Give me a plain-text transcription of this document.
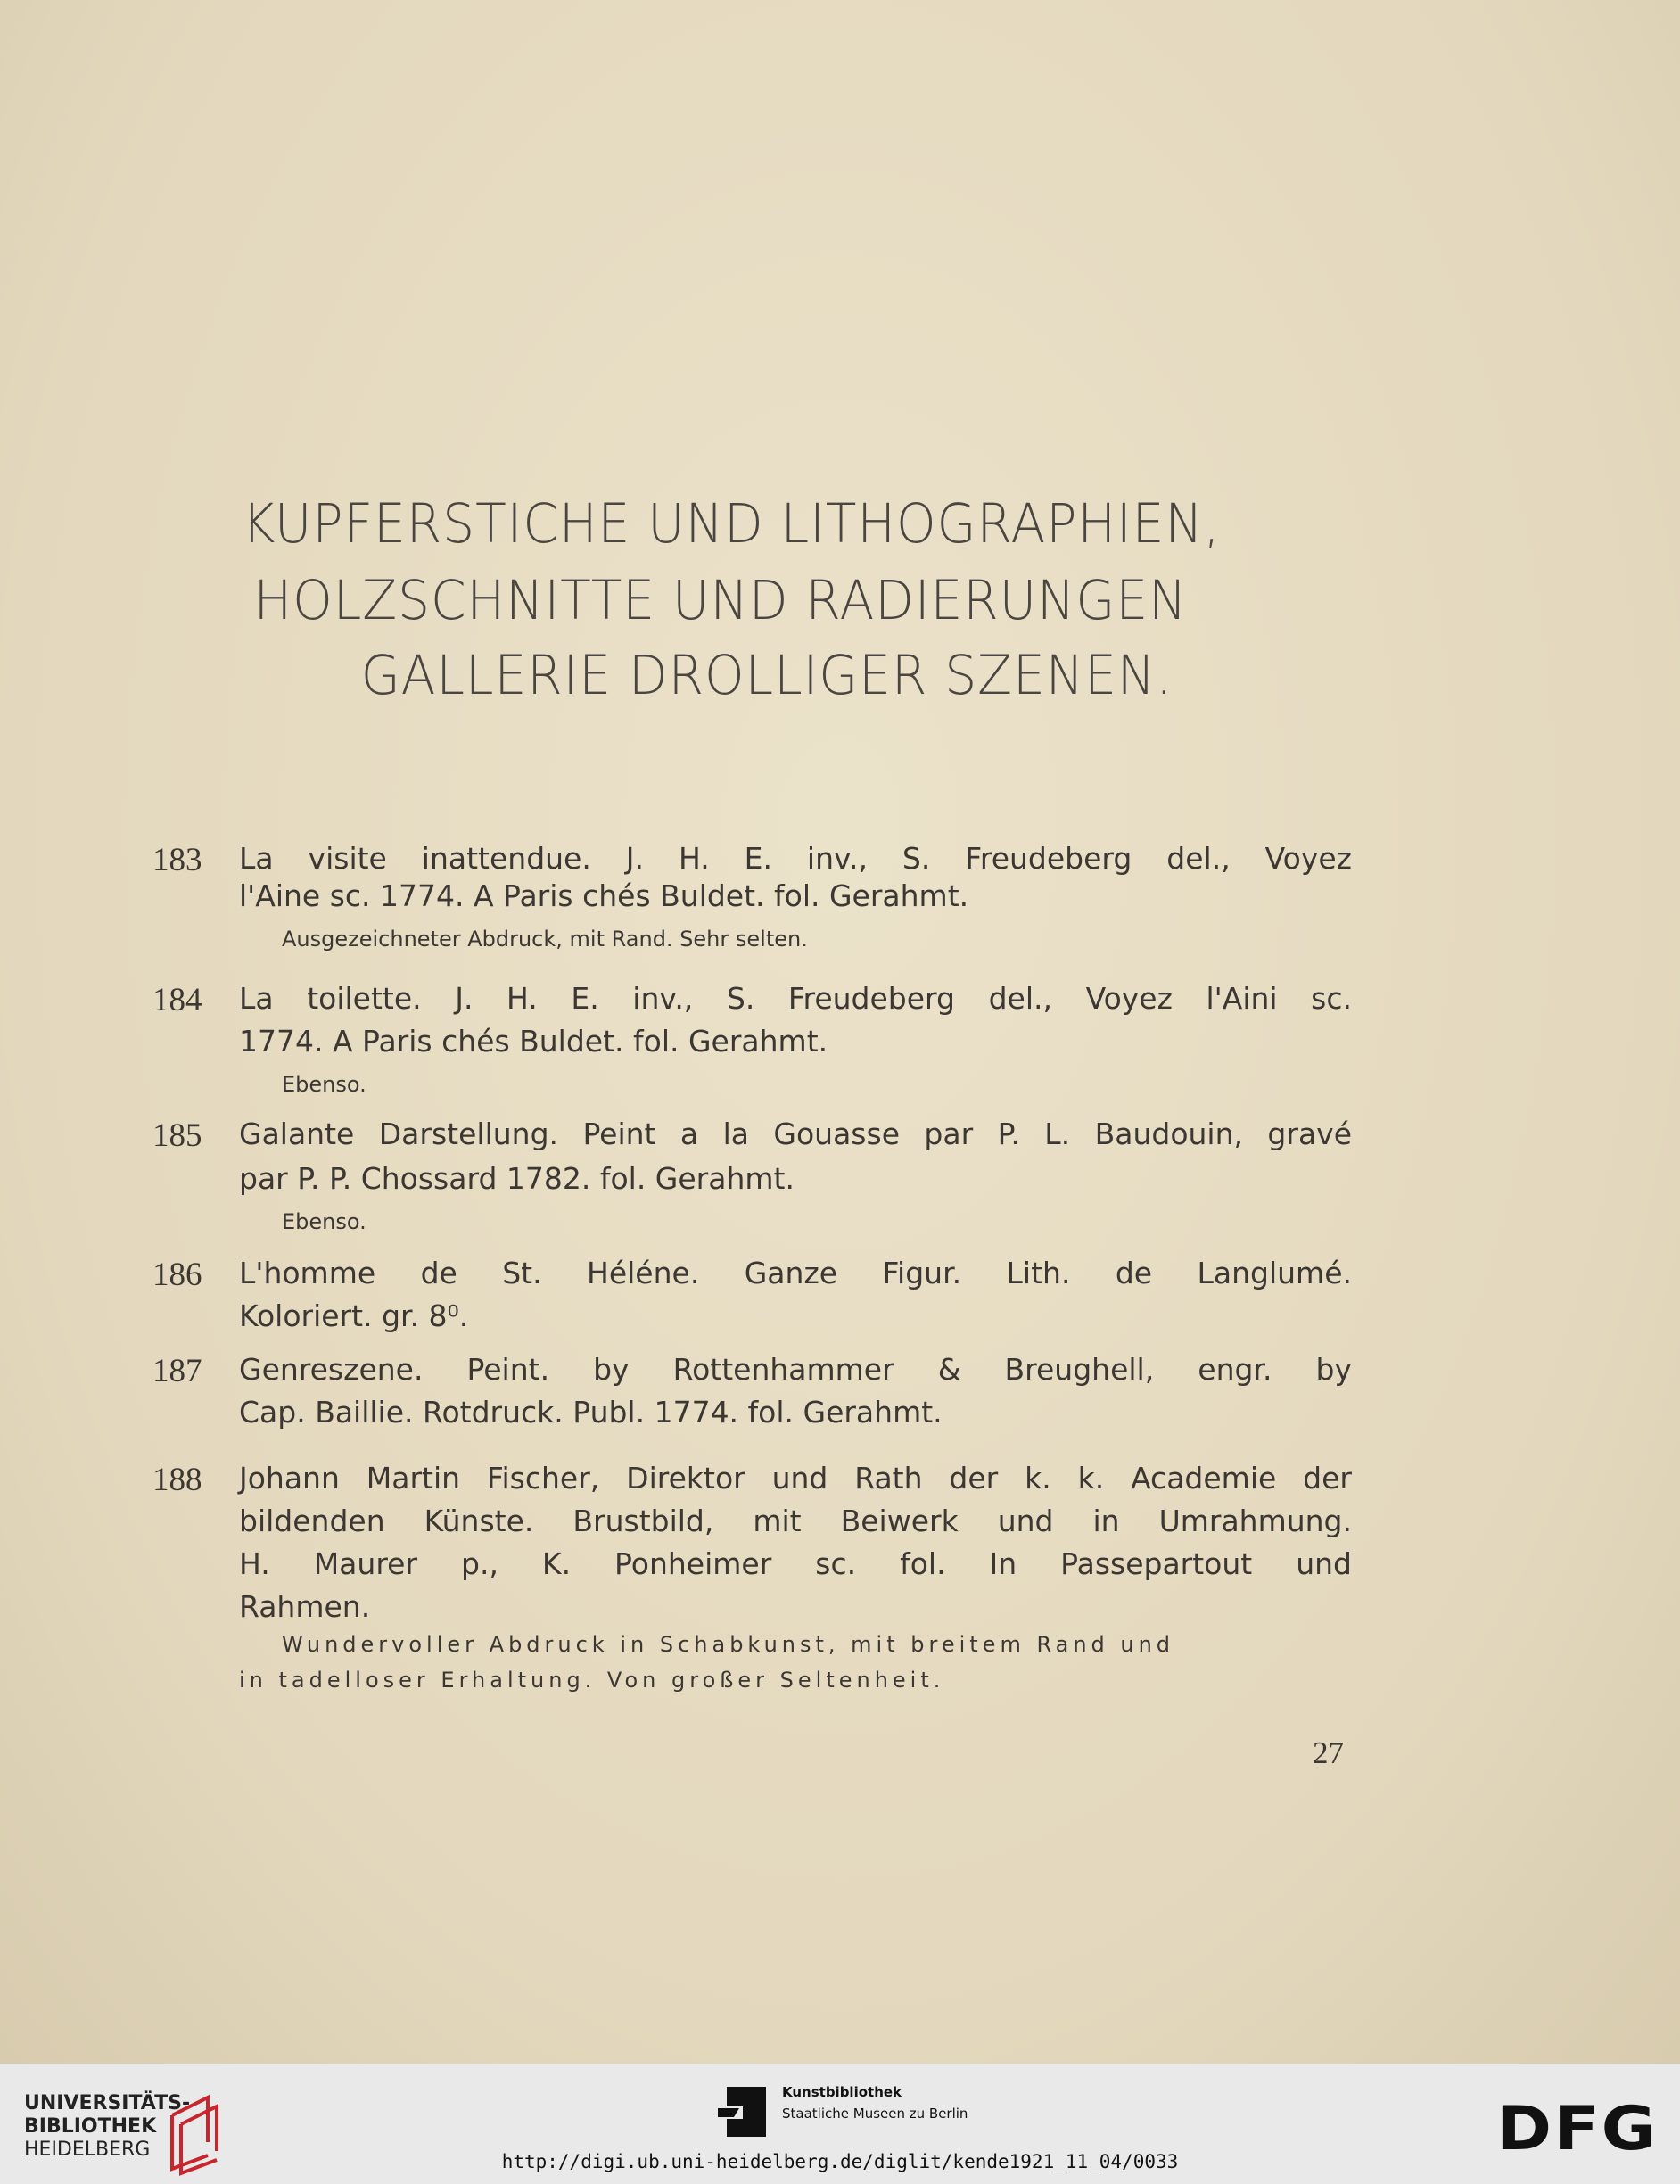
KUPFERSTICHE UND LITHOGRAPHIEN,
HOLZSCHNITTE UND RADIERUNGEN
GALLERIE DROLLIGER SZENEN.
183 La visite inattendue. J. H. E. inv., S. Freudeberg del., Voyez
l'Aine sc. 1774. A Paris chés Buldet. fol. Gerahmt.
Ausgezeichneter Abdruck, mit Rand. Sehr selten.
184 La toilette. J. H. E. inv., S. Freudeberg del., Voyez l'Aini sc.
1774. A Paris chés Buldet. fol. Gerahmt.
Ebenso.
185 Galante Darstellung. Peint a la Gouasse par P. L. Baudouin, gravé
par P. P. Chossard 1782. fol. Gerahmt.
Ebenso.
186 L'homme de St. Héléne. Ganze Figur. Lith. de Langlumé.
Koloriert. gr. 8⁰.
187 Genreszene. Peint. by Rottenhammer & Breughell, engr. by
Cap. Baillie. Rotdruck. Publ. 1774. fol. Gerahmt.
188 Johann Martin Fischer, Direktor und Rath der k. k. Academie der
bildenden Künste. Brustbild, mit Beiwerk und in Umrahmung.
H. Maurer p., K. Ponheimer sc. fol. In Passepartout und
Rahmen.
Wundervoller Abdruck in Schabkunst, mit breitem Rand und
in tadelloser Erhaltung. Von großer Seltenheit.
27
UNIVERSITÄTS-
BIBLIOTHEK
HEIDELBERG
Kunstbibliothek
Staatliche Museen zu Berlin	DFG
http://digi.ub.uni-heidelberg.de/diglit/kende1921_11_04/0033
